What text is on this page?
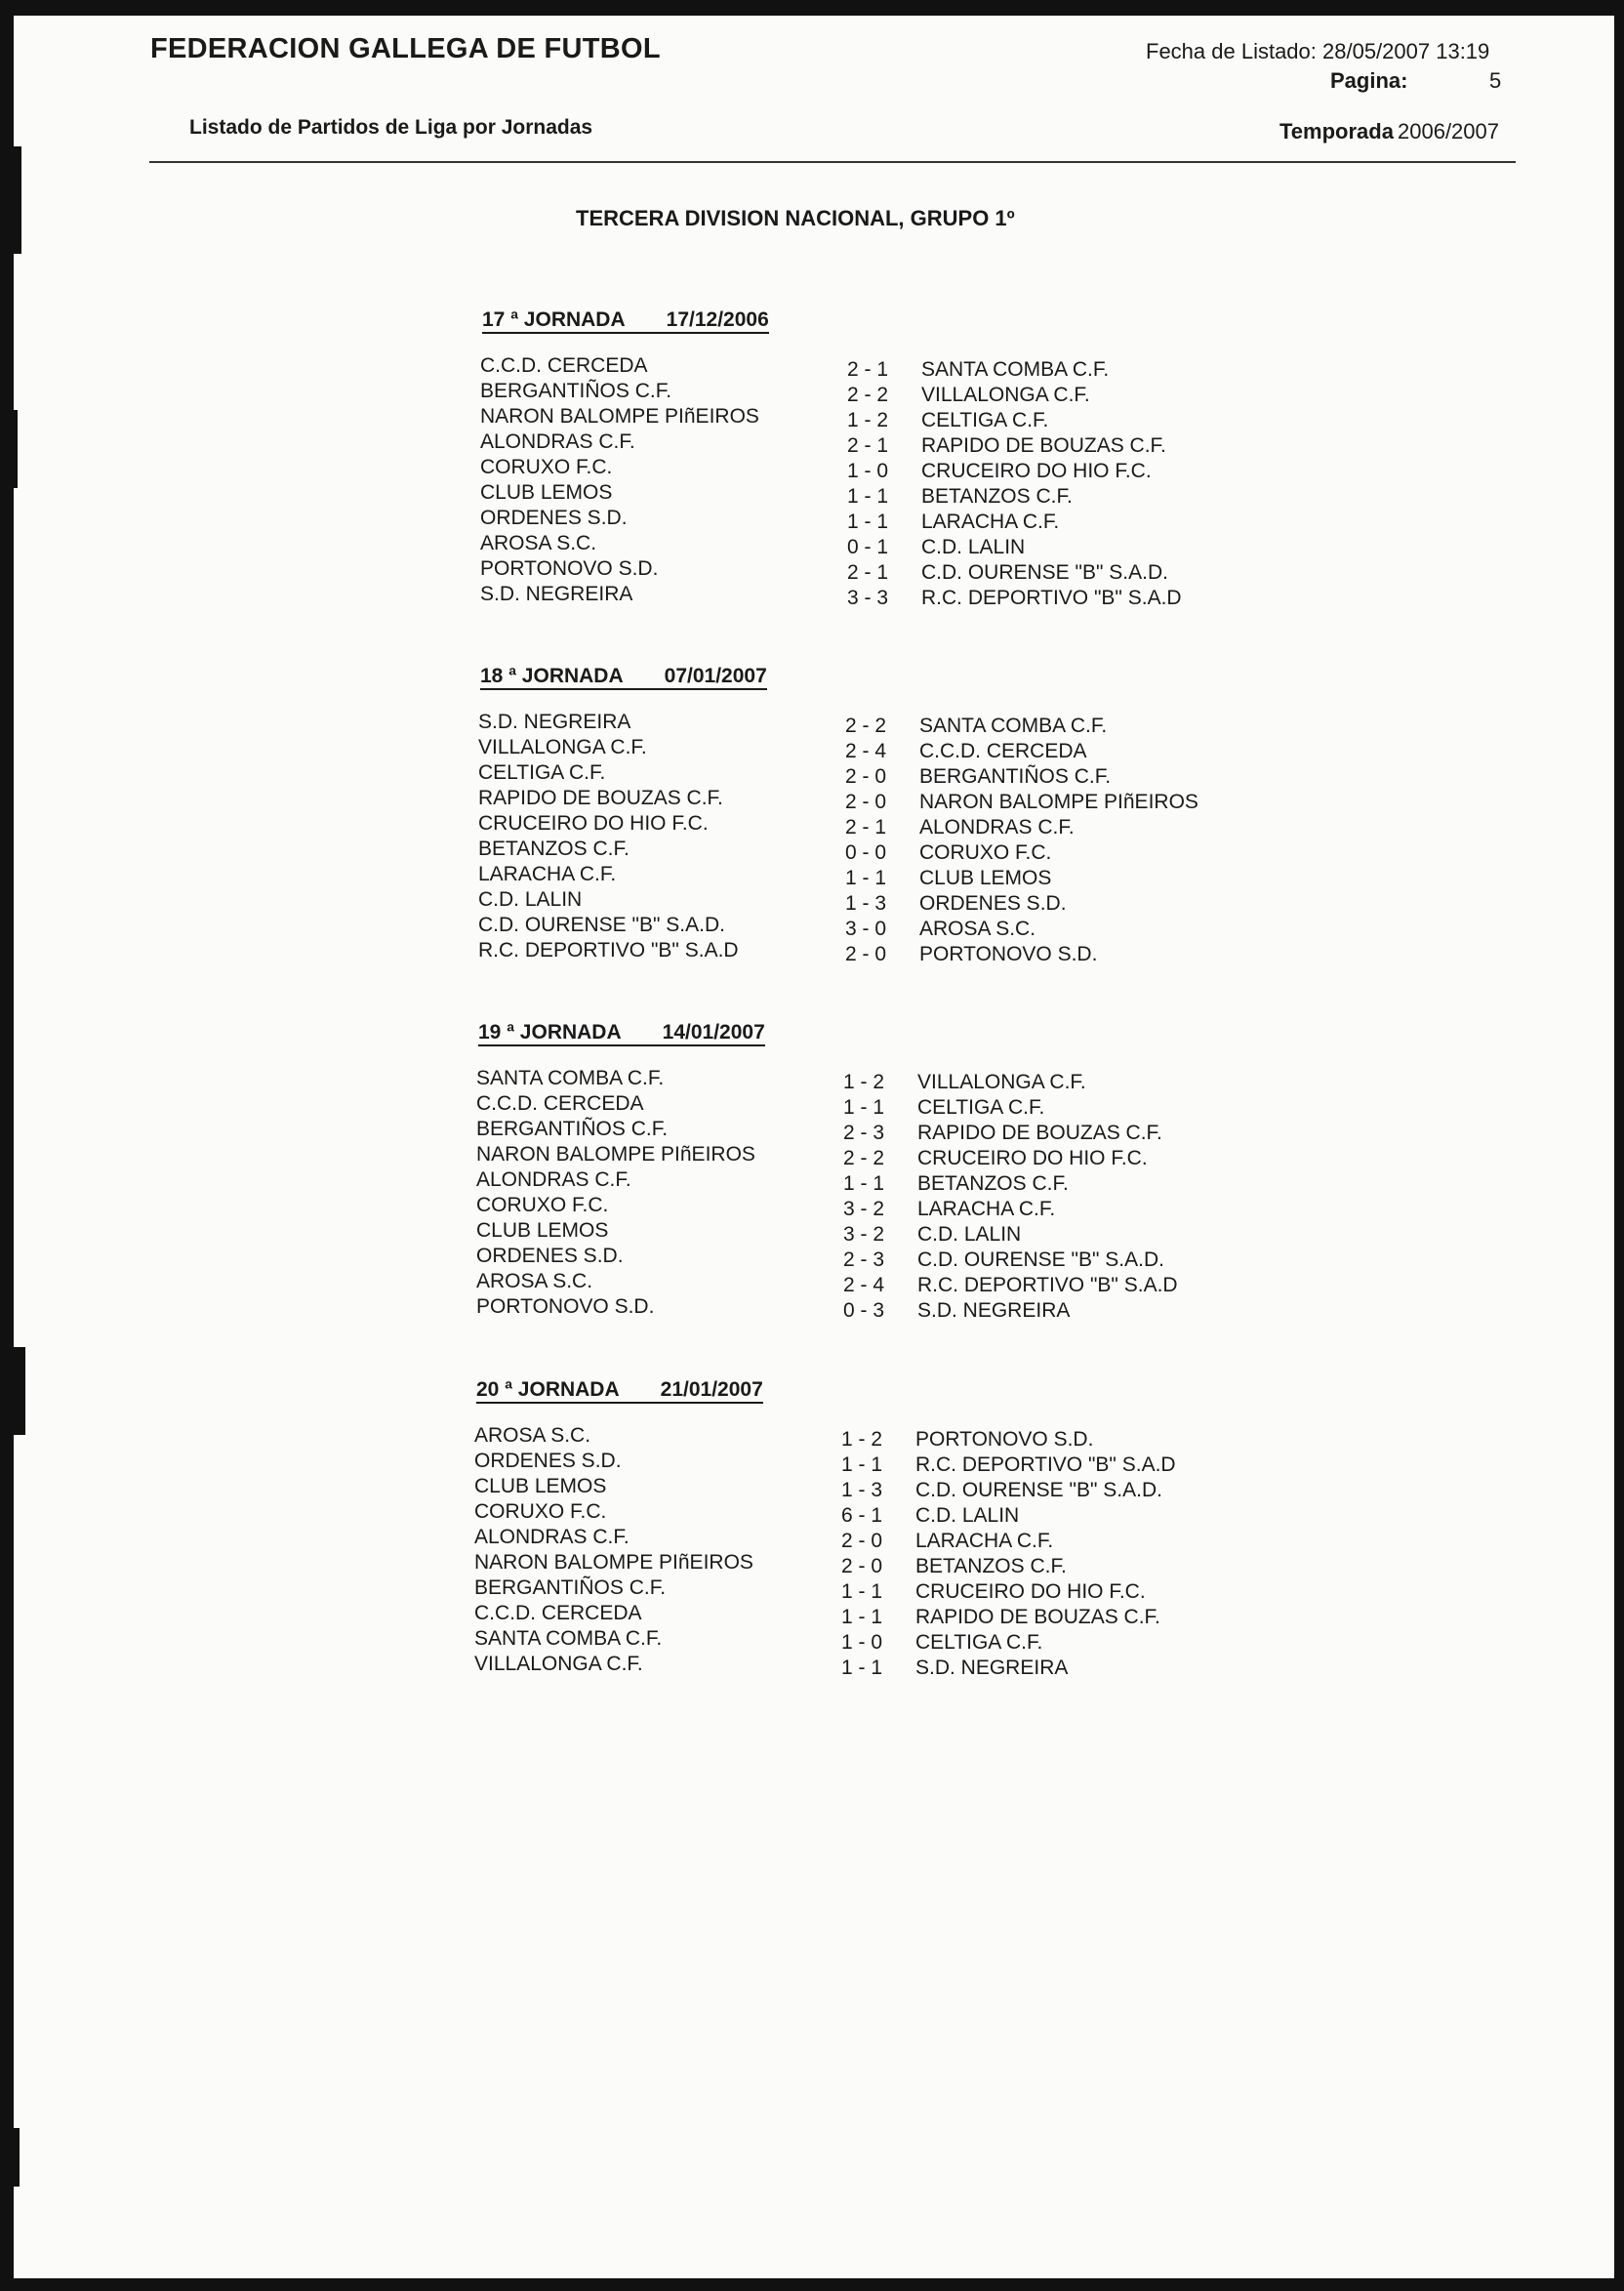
FEDERACION GALLEGA DE FUTBOL	Fecha de Listado: 28/05/2007 13:19
Pagina:	5
Listado de Partidos de Liga por Jornadas	Temporada 2006/2007
TERCERA DIVISION NACIONAL, GRUPO 1º
17 ª JORNADA 17/12/2006
C.C.D. CERCEDA	2 - 1 SANTA COMBA C.F.
BERGANTIÑOS C.F.	2 - 2 VILLALONGA C.F.
NARON BALOMPE PIñEIROS	1 - 2 CELTIGA C.F.
ALONDRAS C.F.	2 - 1 RAPIDO DE BOUZAS C.F.
CORUXO F.C.	1 - 0 CRUCEIRO DO HIO F.C.
CLUB LEMOS	1 - 1 BETANZOS C.F.
ORDENES S.D.	1 - 1 LARACHA C.F.
AROSA S.C.	0 - 1 C.D. LALIN
PORTONOVO S.D.	2 - 1 C.D. OURENSE "B" S.A.D.
S.D. NEGREIRA	3 - 3 R.C. DEPORTIVO "B" S.A.D
18 ª JORNADA 07/01/2007
S.D. NEGREIRA	2 - 2 SANTA COMBA C.F.
VILLALONGA C.F.	2 - 4 C.C.D. CERCEDA
CELTIGA C.F.	2 - 0 BERGANTIÑOS C.F.
RAPIDO DE BOUZAS C.F.	2 - 0 NARON BALOMPE PIñEIROS
CRUCEIRO DO HIO F.C.	2 - 1 ALONDRAS C.F.
BETANZOS C.F.	0 - 0 CORUXO F.C.
LARACHA C.F.	1 - 1 CLUB LEMOS
C.D. LALIN	1 - 3 ORDENES S.D.
C.D. OURENSE "B" S.A.D.	3 - 0 AROSA S.C.
R.C. DEPORTIVO "B" S.A.D	2 - 0 PORTONOVO S.D.
19 ª JORNADA 14/01/2007
SANTA COMBA C.F.	1 - 2 VILLALONGA C.F.
C.C.D. CERCEDA	1 - 1 CELTIGA C.F.
BERGANTIÑOS C.F.	2 - 3 RAPIDO DE BOUZAS C.F.
NARON BALOMPE PIñEIROS	2 - 2 CRUCEIRO DO HIO F.C.
ALONDRAS C.F.	1 - 1 BETANZOS C.F.
CORUXO F.C.	3 - 2 LARACHA C.F.
CLUB LEMOS	3 - 2 C.D. LALIN
ORDENES S.D.	2 - 3 C.D. OURENSE "B" S.A.D.
AROSA S.C.	2 - 4 R.C. DEPORTIVO "B" S.A.D
PORTONOVO S.D.	0 - 3 S.D. NEGREIRA
20 ª JORNADA 21/01/2007
AROSA S.C.	1 - 2 PORTONOVO S.D.
ORDENES S.D.	1 - 1 R.C. DEPORTIVO "B" S.A.D
CLUB LEMOS	1 - 3 C.D. OURENSE "B" S.A.D.
CORUXO F.C.	6 - 1 C.D. LALIN
ALONDRAS C.F.	2 - 0 LARACHA C.F.
NARON BALOMPE PIñEIROS	2 - 0 BETANZOS C.F.
BERGANTIÑOS C.F.	1 - 1 CRUCEIRO DO HIO F.C.
C.C.D. CERCEDA	1 - 1 RAPIDO DE BOUZAS C.F.
SANTA COMBA C.F.	1 - 0 CELTIGA C.F.
VILLALONGA C.F.	1 - 1 S.D. NEGREIRA
